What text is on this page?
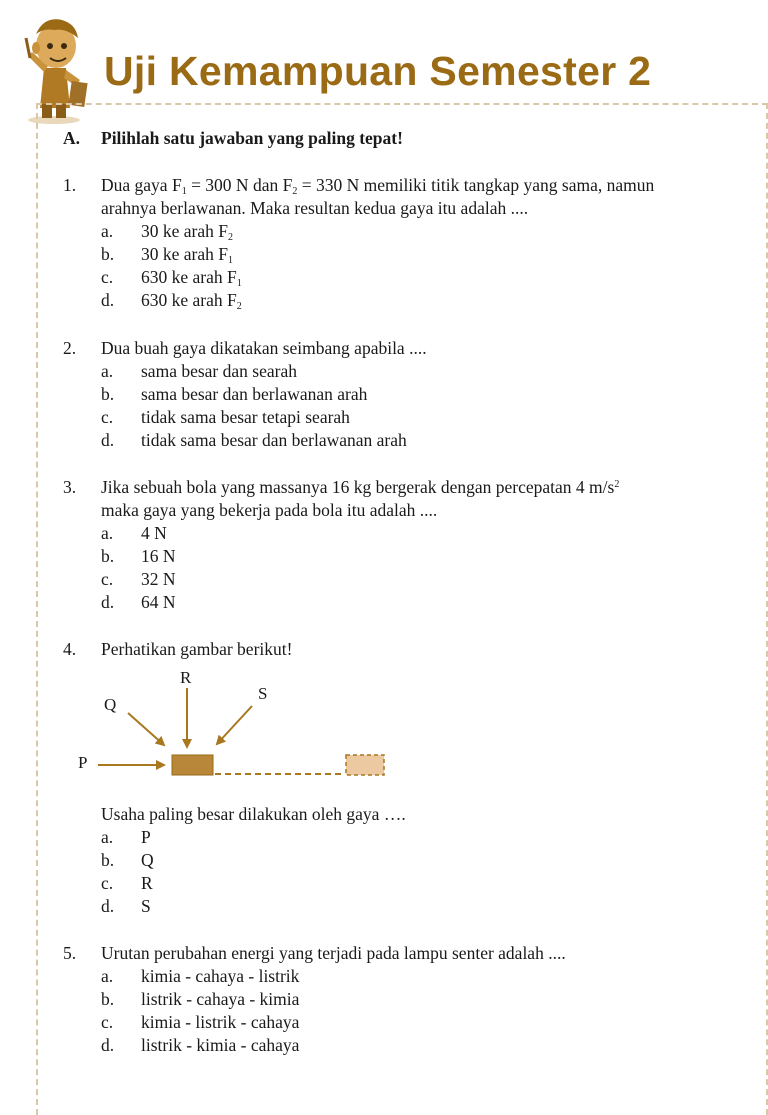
Uji Kemampuan Semester 2
A. Pilihlah satu jawaban yang paling tepat!
1. Dua gaya $F_1 = 300$ N dan $F_2 = 330$ N memiliki titik tangkap yang sama, namun
arahnya berlawanan. Maka resultan kedua gaya itu adalah ....
a. 30 ke arah $F_2$
b. 30 ke arah $F_1$
c. 630 ke arah $F_1$
d. 630 ke arah $F_2$
2. Dua buah gaya dikatakan seimbang apabila ....
a. sama besar dan searah
b. sama besar dan berlawanan arah
c. tidak sama besar tetapi searah
d. tidak sama besar dan berlawanan arah
3. Jika sebuah bola yang massanya 16 kg bergerak dengan percepatan 4 $m/s^2$
maka gaya yang bekerja pada bola itu adalah ....
a. 4 N
b. 16 N
c. 32 N
d. 64 N
4. Perhatikan gambar berikut!
P
Q
R
S
Usaha paling besar dilakukan oleh gaya ….
a. P
b. Q
c. R
d. S
5. Urutan perubahan energi yang terjadi pada lampu senter adalah ....
a. kimia - cahaya - listrik
b. listrik - cahaya - kimia
c. kimia - listrik - cahaya
d. listrik - kimia - cahaya
